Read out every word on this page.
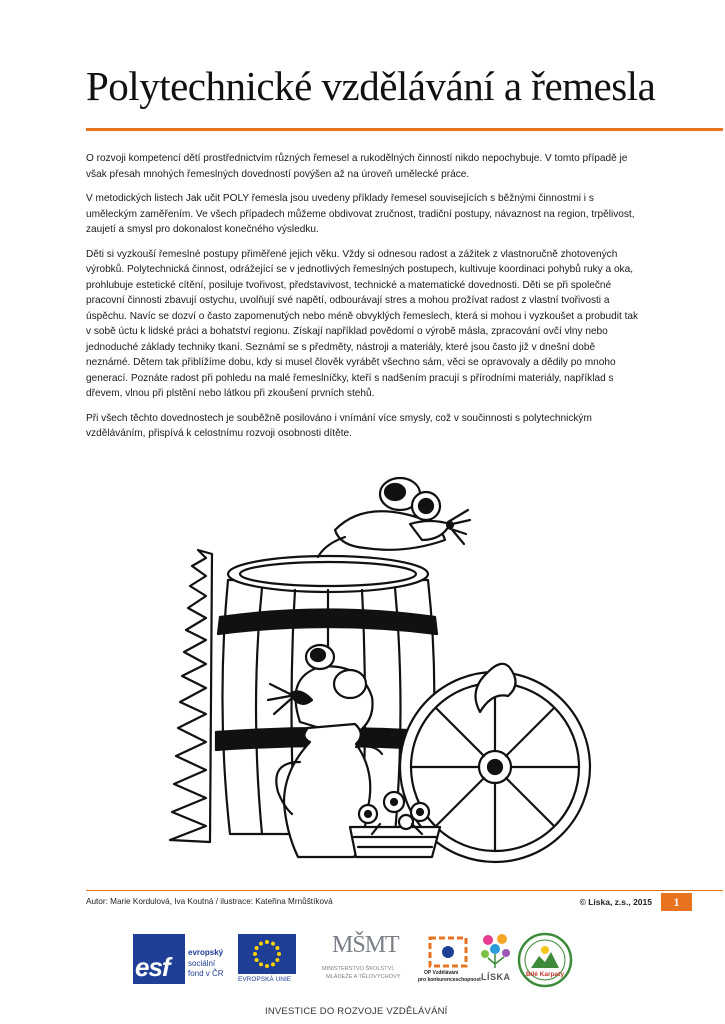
Polytechnické vzdělávání a řemesla

O rozvoji kompetencí dětí prostřednictvím různých řemesel a rukodělných činností nikdo nepochybuje. V tomto případě je však přesah mnohých řemeslných dovedností povýšen až na úroveň umělecké práce.

V metodických listech Jak učit POLY řemesla jsou uvedeny příklady řemesel souvisejících s běžnými činnostmi i s uměleckým zaměřením. Ve všech případech můžeme obdivovat zručnost, tradiční postupy, návaznost na region, trpělivost, zaujetí a smysl pro dokonalost konečného výsledku.

Děti si vyzkouší řemeslné postupy přiměřené jejich věku. Vždy si odnesou radost a zážitek z vlastnoručně zhotovených výrobků. Polytechnická činnost, odrážející se v jednotlivých řemeslných postupech, kultivuje koordinaci pohybů ruky a oka, prohlubuje estetické cítění, posiluje tvořivost, představivost, technické a matematické dovednosti. Děti se při společné pracovní činnosti zbavují ostychu, uvolňují své napětí, odbourávají stres a mohou prožívat radost z vlastní tvořivosti a úspěchu. Navíc se dozví o často zapomenutých nebo méně obvyklých řemeslech, která si mohou i vyzkoušet a probudit tak v sobě úctu k lidské práci a bohatství regionu. Získají například povědomí o výrobě másla, zpracování ovčí vlny nebo jednoduché základy techniky tkaní. Seznámí se s předměty, nástroji a materiály, které jsou často již v dnešní době neznámé. Dětem tak přiblížíme dobu, kdy si musel člověk vyrábět všechno sám, věci se opravovaly a dědily po mnoho generací. Poznáte radost při pohledu na malé řemeslníčky, kteří s nadšením pracují s přírodními materiály, například s dřevem, vlnou při plstění nebo látkou při zkoušení prvních stehů.

Při všech těchto dovednostech je souběžně posilováno i vnímání více smysly, což v součinnosti s polytechnickým vzděláváním, přispívá k celostnímu rozvoji osobnosti dítěte.

Autor: Marie Kordulová, Iva Koutná / ilustrace: Kateřina Mrnůštíková	© Líska, z.s., 2015	1
esf evropský
sociální
fond v ČR
EVROPSKÁ UNIE
MŠMT
MINISTERSTVO ŠKOLSTVÍ,
MLÁDEŽE A TĚLOVÝCHOVY
OP Vzdělávání
pro konkurenceschopnost LÍSKA Bílé Karpaty
INVESTICE DO ROZVOJE VZDĚLÁVÁNÍ
